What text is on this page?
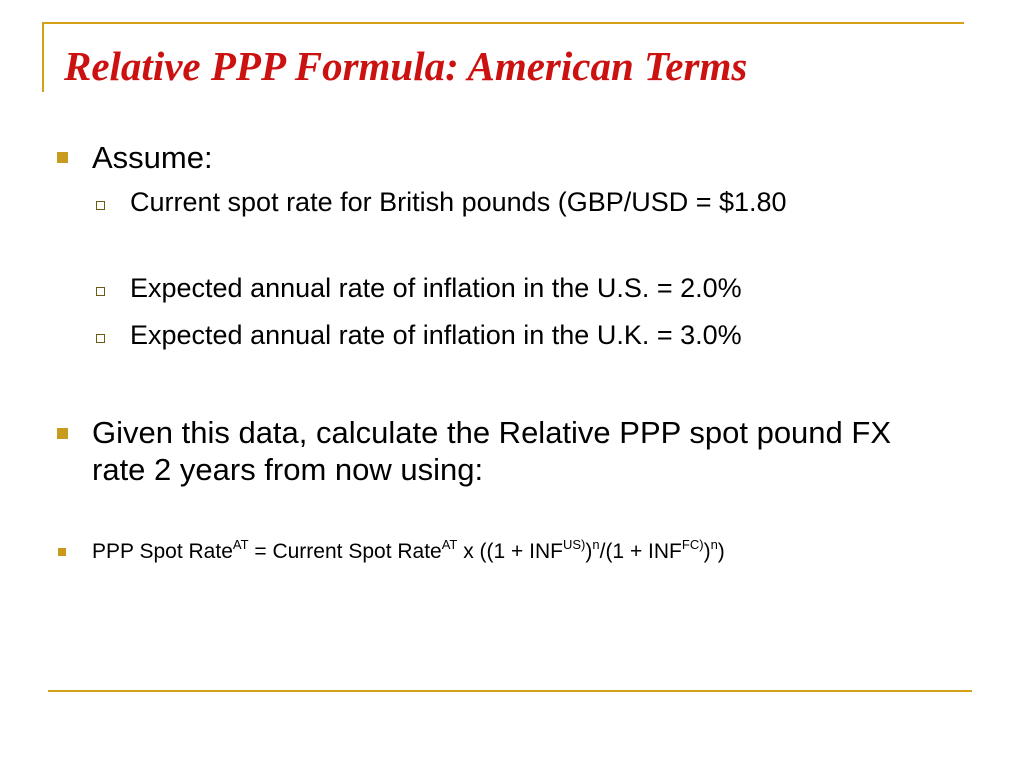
Relative PPP Formula: American Terms
Assume:
Current spot rate for British pounds (GBP/USD = $1.80
Expected annual rate of inflation in the U.S. = 2.0%
Expected annual rate of inflation in the U.K. = 3.0%
Given this data, calculate the Relative PPP spot pound FX rate 2 years from now using:
PPP Spot Rate$^{AT}$ = Current Spot Rate$^{AT}$ x $((1 + INF^{US)})^n/(1 + INF^{FC)})^n)$
